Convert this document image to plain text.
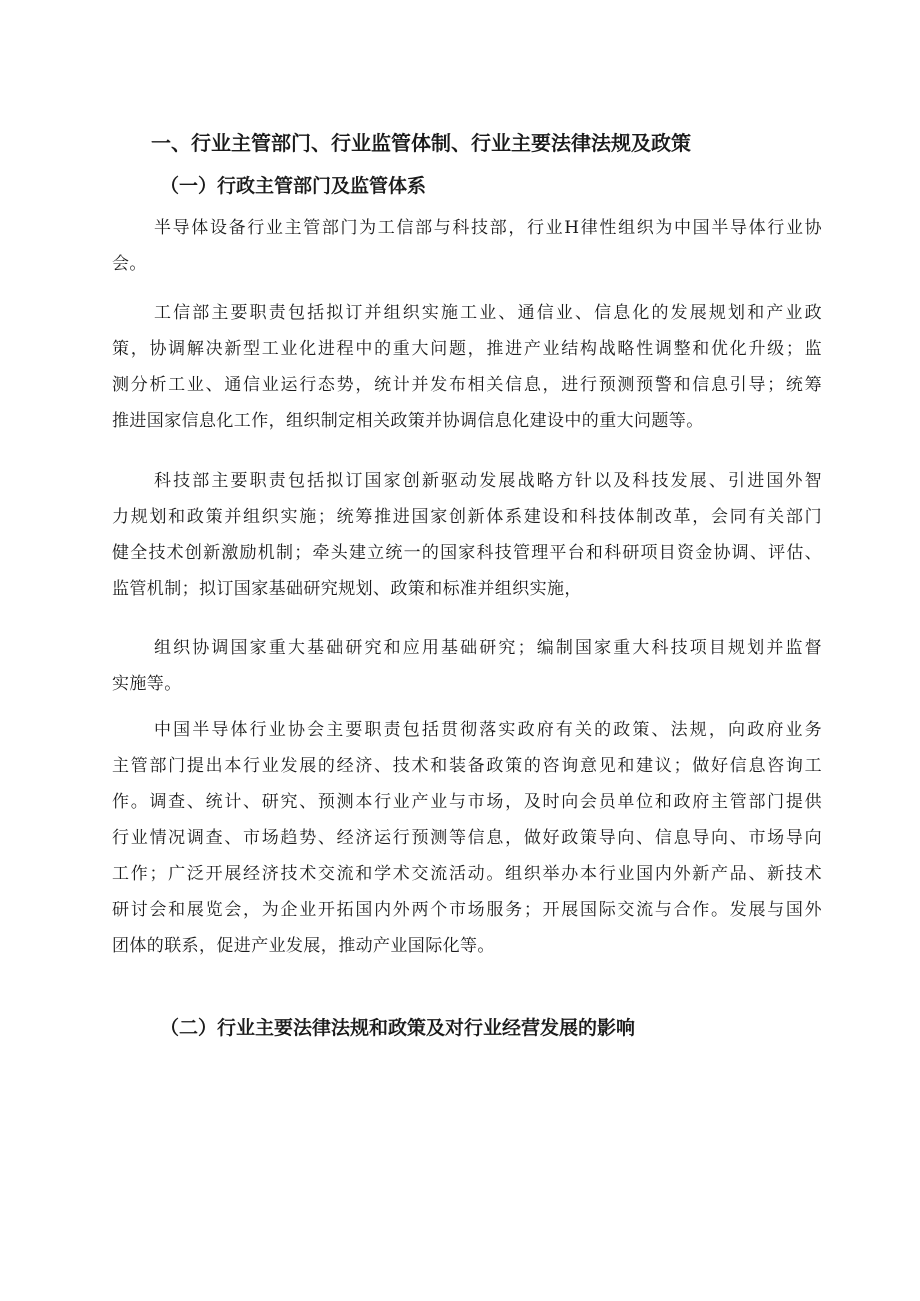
一、行业主管部门、行业监管体制、行业主要法律法规及政策
（一）行政主管部门及监管体系
半导体设备行业主管部门为工信部与科技部，行业H律性组织为中国半导体行业协
会。
工信部主要职责包括拟订并组织实施工业、通信业、信息化的发展规划和产业政
策，协调解决新型工业化进程中的重大问题，推进产业结构战略性调整和优化升级；监
测分析工业、通信业运行态势，统计并发布相关信息，进行预测预警和信息引导；统筹
推进国家信息化工作，组织制定相关政策并协调信息化建设中的重大问题等。
科技部主要职责包括拟订国家创新驱动发展战略方针以及科技发展、引进国外智
力规划和政策并组织实施；统筹推进国家创新体系建设和科技体制改革，会同有关部门
健全技术创新激励机制；牵头建立统一的国家科技管理平台和科研项目资金协调、评估、
监管机制；拟订国家基础研究规划、政策和标准并组织实施，
组织协调国家重大基础研究和应用基础研究；编制国家重大科技项目规划并监督
实施等。
中国半导体行业协会主要职责包括贯彻落实政府有关的政策、法规，向政府业务
主管部门提出本行业发展的经济、技术和装备政策的咨询意见和建议；做好信息咨询工
作。调查、统计、研究、预测本行业产业与市场，及时向会员单位和政府主管部门提供
行业情况调查、市场趋势、经济运行预测等信息，做好政策导向、信息导向、市场导向
工作；广泛开展经济技术交流和学术交流活动。组织举办本行业国内外新产品、新技术
研讨会和展览会，为企业开拓国内外两个市场服务；开展国际交流与合作。发展与国外
团体的联系，促进产业发展，推动产业国际化等。
（二）行业主要法律法规和政策及对行业经营发展的影响
